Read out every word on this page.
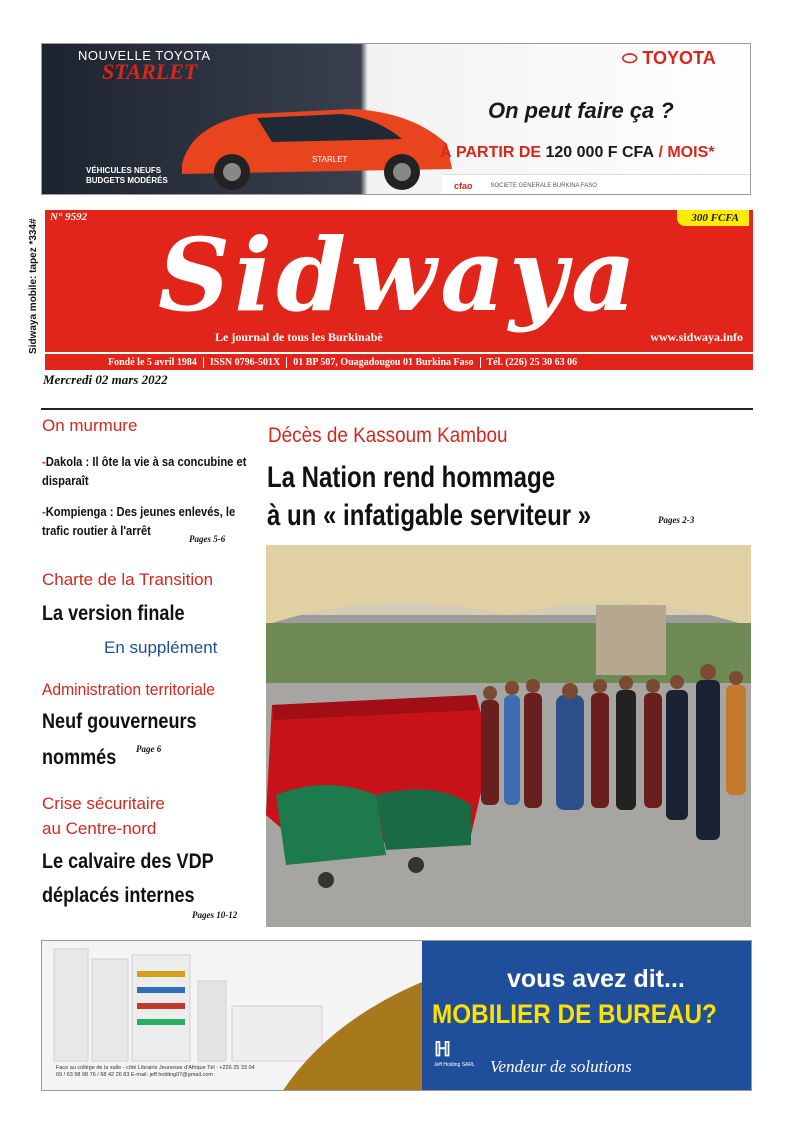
NOUVELLE TOYOTA
STARLET
STARLET
VÉHICULES NEUFS BUDGETS MODÉRÉS
⬭ TOYOTA
On peut faire ça ?
À PARTIR DE 120 000 F CFA / MOIS*
cfao	SOCIETE GENERALE BURKINA FASO
Sidwaya mobile: tapez *334#
N° 9592	300 FCFA
Sidwaya
Le journal de tous les Burkinabè	www.sidwaya.info
Fondé le 5 avril 1984	ISSN 0796-501X	01 BP 507, Ouagadougou 01 Burkina Faso	Tél. (226) 25 30 63 06
Mercredi 02 mars 2022
On murmure
-Dakola : Il ôte la vie à sa concubine et disparaît
-Kompienga : Des jeunes enlevés, le trafic routier à l'arrêt
Pages 5-6
Charte de la Transition
La version finale
En supplément
Administration territoriale
Neuf gouverneurs
nommés Page 6
Crise sécuritaire
au Centre-nord
Le calvaire des VDP
déplacés internes
Pages 10-12
Décès de Kassoum Kambou
La Nation rend hommage
à un « infatigable serviteur »	Pages 2-3
vous avez dit...
MOBILIER DE BUREAU?
ℍ
Jeff Holding SARL Vendeur de solutions
Face au collège de la salle - côté Librairie Jeunesse d'Afrique Tél : +226 25 33 04 69 / 63 98 98 76 / 68 42 26 83 E-mail: jeff.holding07@gmail.com
